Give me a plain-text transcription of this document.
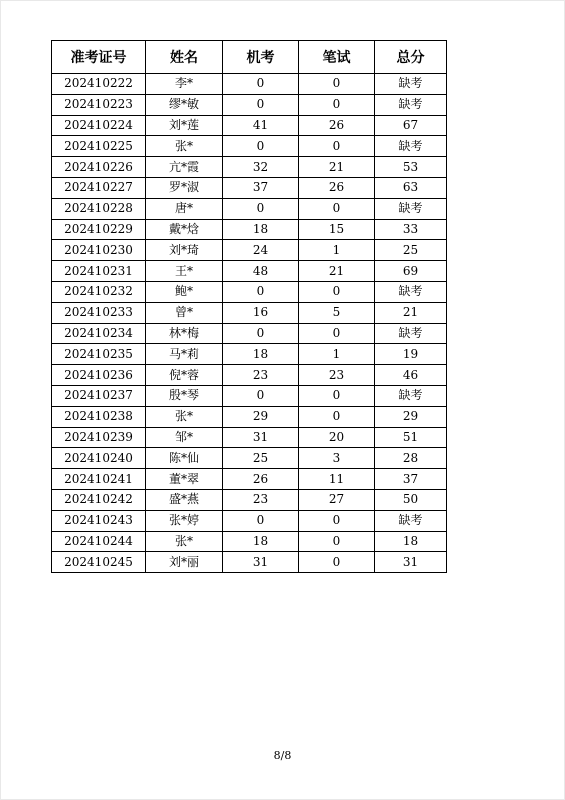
准考证号	姓名	机考	笔试	总分
202410222	李*	0	0	缺考
202410223	缪*敏	0	0	缺考
202410224	刘*莲	41	26	67
202410225	张*	0	0	缺考
202410226	亢*霞	32	21	53
202410227	罗*淑	37	26	63
202410228	唐*	0	0	缺考
202410229	戴*焓	18	15	33
202410230	刘*琦	24	1	25
202410231	王*	48	21	69
202410232	鲍*	0	0	缺考
202410233	曾*	16	5	21
202410234	林*梅	0	0	缺考
202410235	马*莉	18	1	19
202410236	倪*蓉	23	23	46
202410237	殷*琴	0	0	缺考
202410238	张*	29	0	29
202410239	邹*	31	20	51
202410240	陈*仙	25	3	28
202410241	董*翠	26	11	37
202410242	盛*燕	23	27	50
202410243	张*婷	0	0	缺考
202410244	张*	18	0	18
202410245	刘*丽	31	0	31
8/8
